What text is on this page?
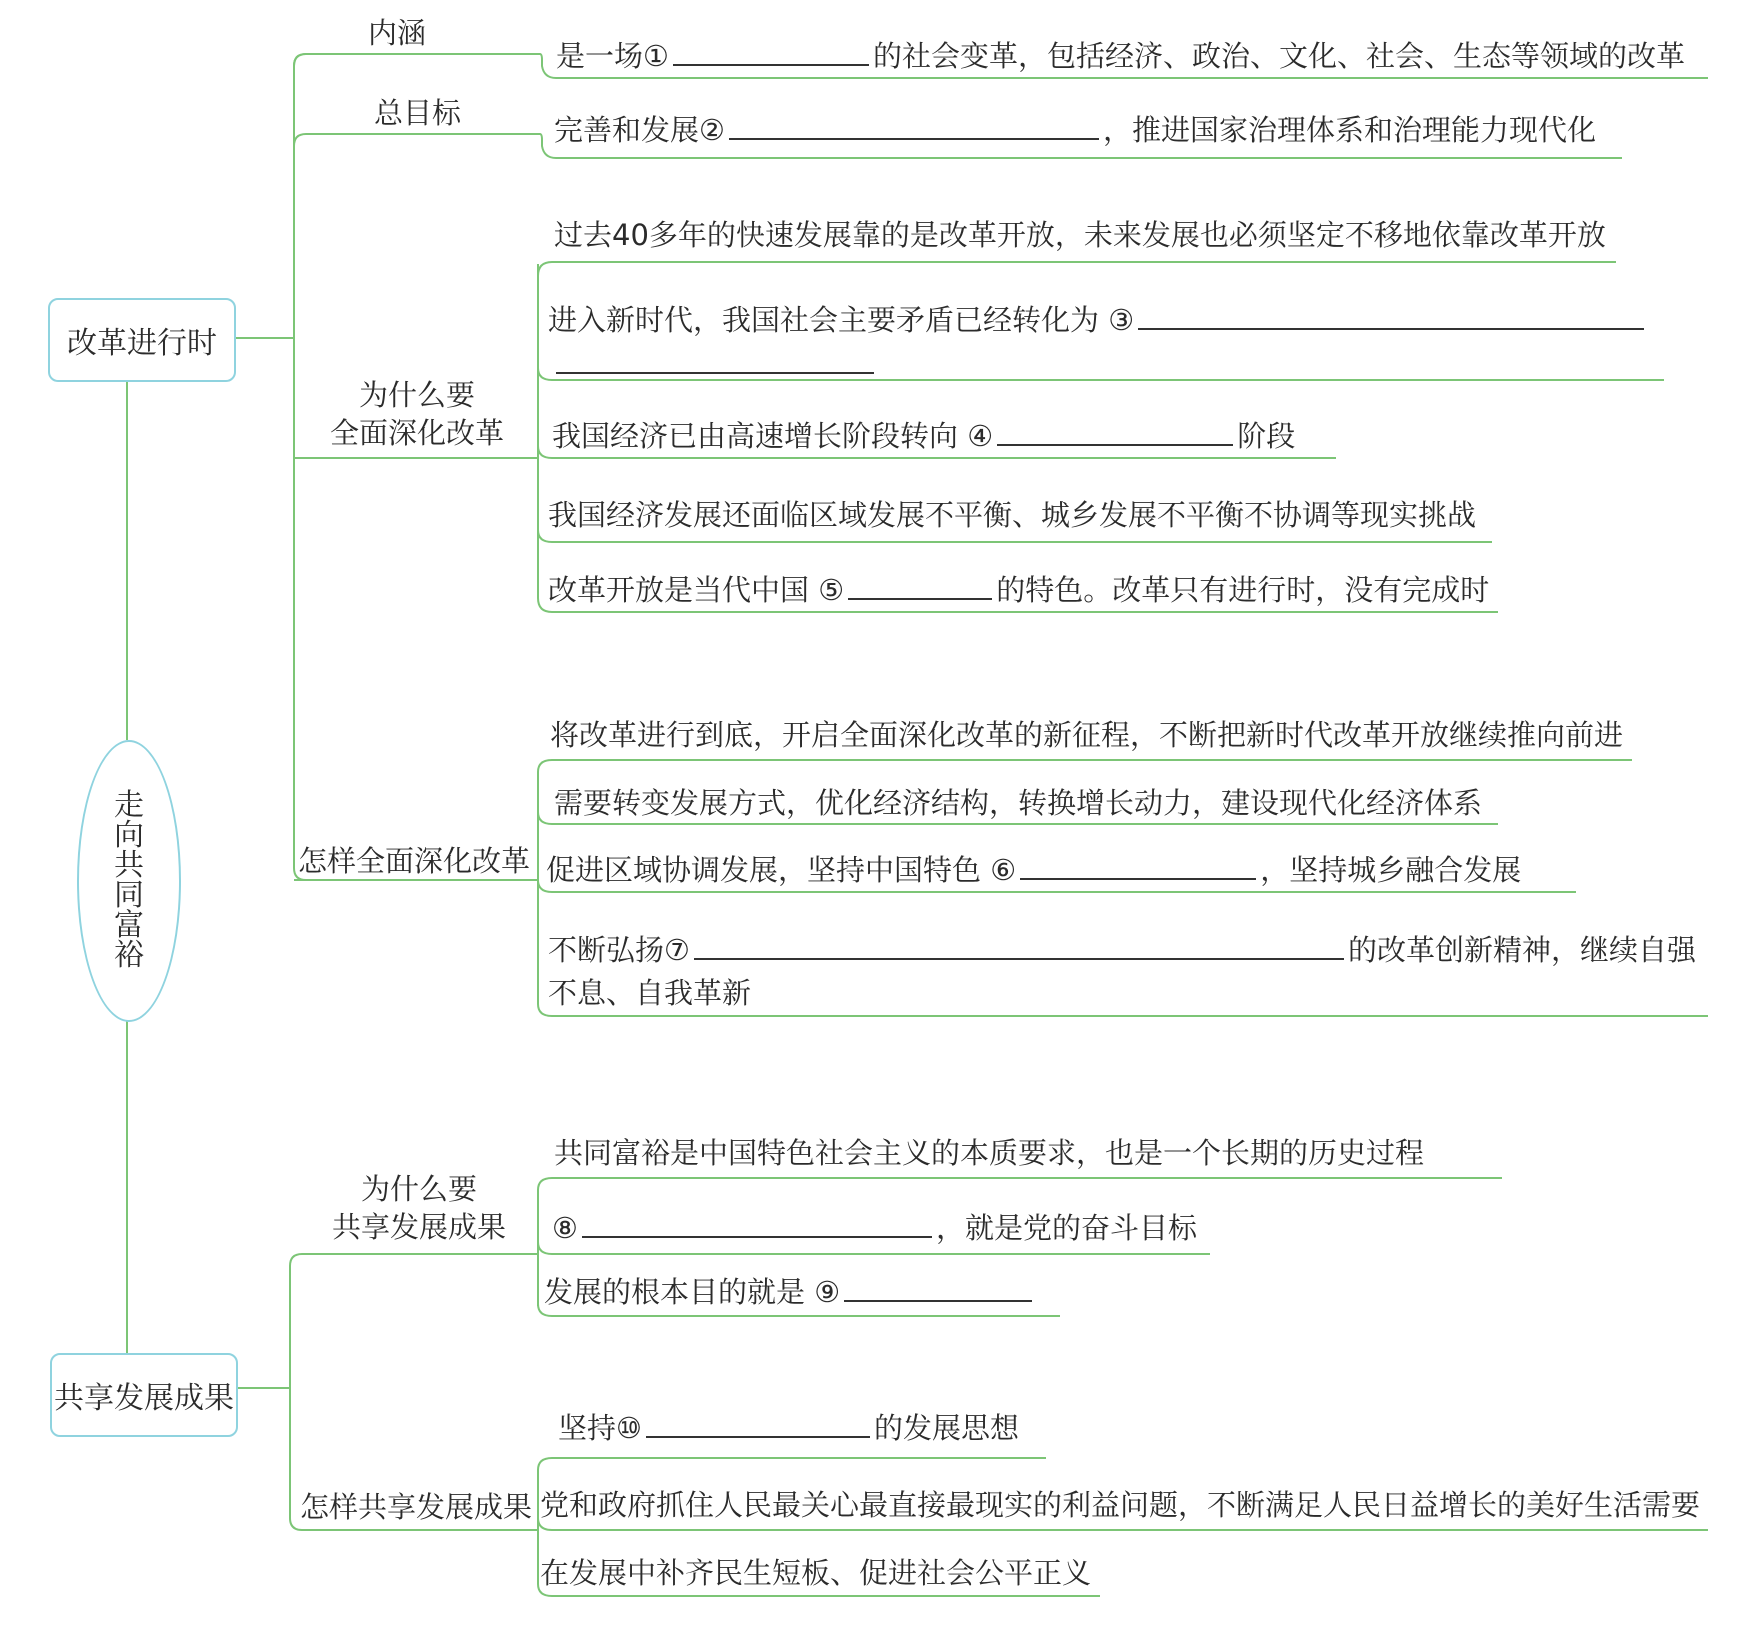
走向共同富裕
改革进行时
共享发展成果
内涵
总目标
为什么要
全面深化改革
怎样全面深化改革
为什么要
共享发展成果
怎样共享发展成果
是一场①	的社会变革，包括经济、政治、文化、社会、生态等领域的改革
完善和发展②	，推进国家治理体系和治理能力现代化
过去40多年的快速发展靠的是改革开放，未来发展也必须坚定不移地依靠改革开放
进入新时代，我国社会主要矛盾已经转化为 ③
我国经济已由高速增长阶段转向 ④	阶段
我国经济发展还面临区域发展不平衡、城乡发展不平衡不协调等现实挑战
改革开放是当代中国 ⑤	的特色。改革只有进行时，没有完成时
将改革进行到底，开启全面深化改革的新征程，不断把新时代改革开放继续推向前进
需要转变发展方式，优化经济结构，转换增长动力，建设现代化经济体系
促进区域协调发展，坚持中国特色 ⑥	，坚持城乡融合发展
不断弘扬⑦	的改革创新精神，继续自强
不息、自我革新
共同富裕是中国特色社会主义的本质要求，也是一个长期的历史过程
⑧	，就是党的奋斗目标
发展的根本目的就是 ⑨
坚持⑩	的发展思想
党和政府抓住人民最关心最直接最现实的利益问题，不断满足人民日益增长的美好生活需要
在发展中补齐民生短板、促进社会公平正义
